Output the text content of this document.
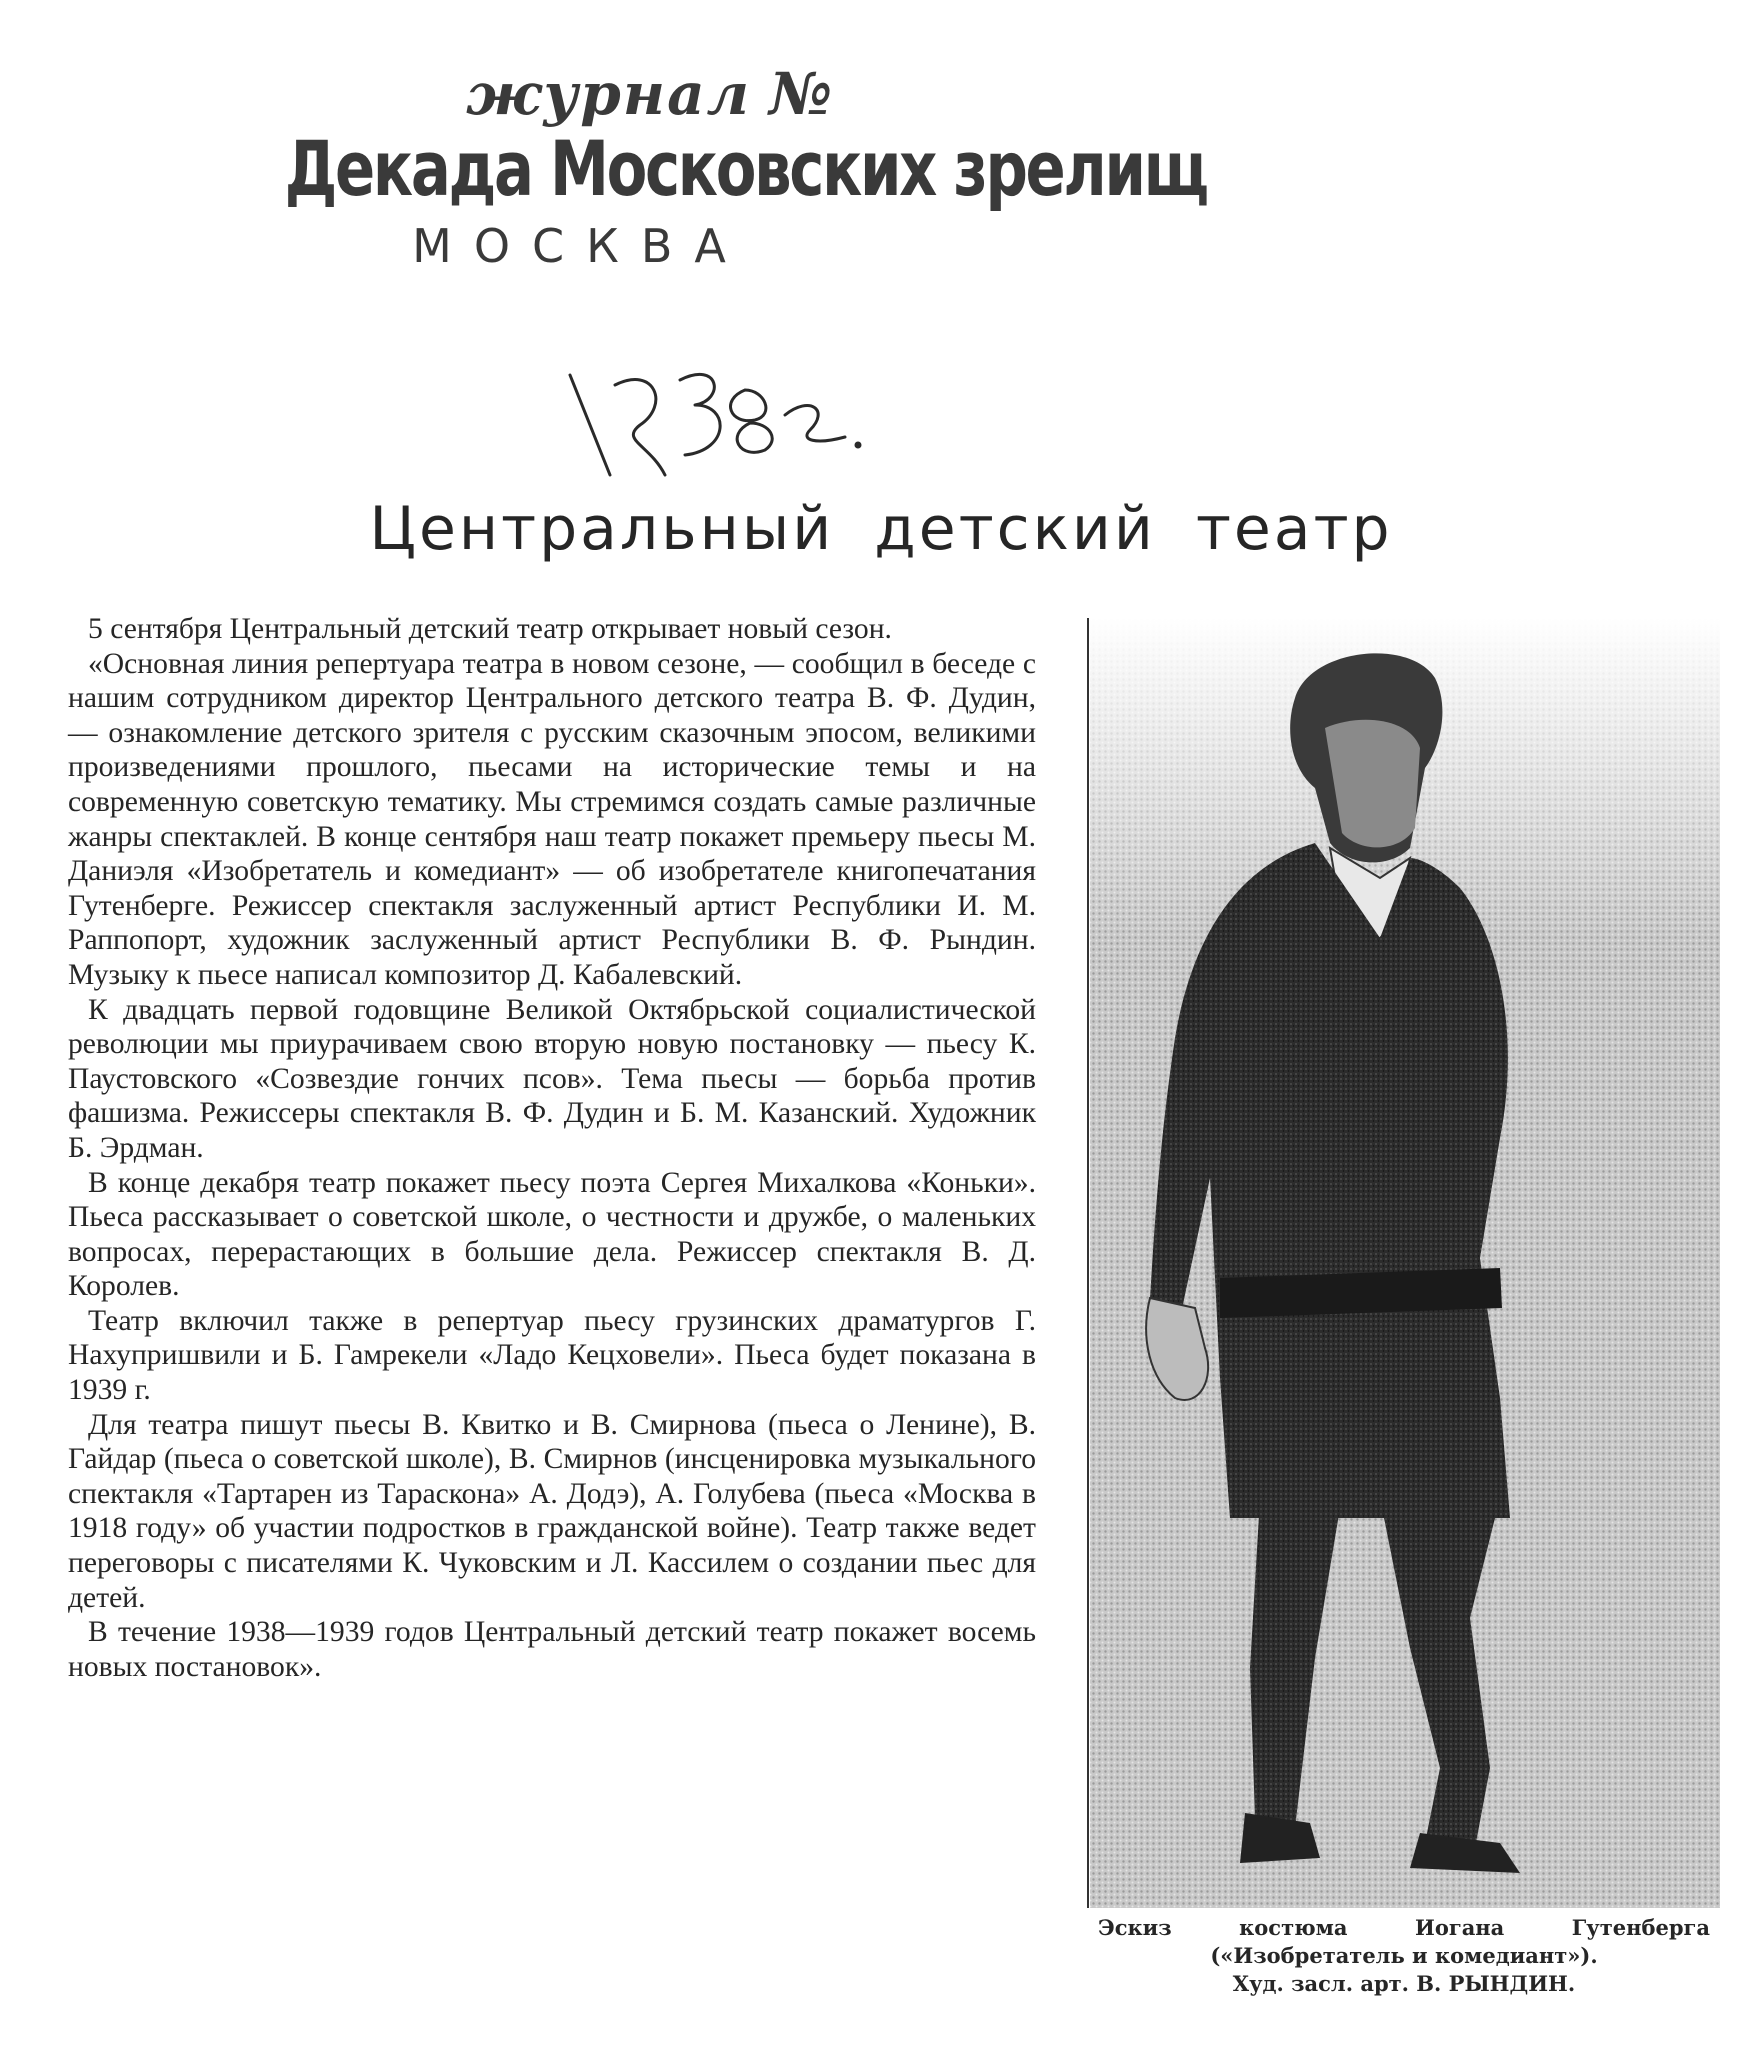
журнал №
Декада Московских зрелищ
МОСКВА
Центральный детский театр

5 сентября Центральный детский театр открывает новый сезон.

«Основная линия репертуара театра в новом сезоне, — сообщил в беседе с нашим сотрудником директор Центрального детского театра В. Ф. Дудин, — ознакомление детского зрителя с русским сказочным эпосом, великими произведениями прошлого, пьесами на исторические темы и на современную советскую тематику. Мы стремимся создать самые различные жанры спектаклей. В конце сентября наш театр покажет премьеру пьесы М. Даниэля «Изобретатель и комедиант» — об изобретателе книгопечатания Гутенберге. Режиссер спектакля заслуженный артист Республики И. М. Раппопорт, художник заслуженный артист Республики В. Ф. Рындин. Музыку к пьесе написал композитор Д. Кабалевский.

К двадцать первой годовщине Великой Октябрьской социалистической революции мы приурачиваем свою вторую новую постановку — пьесу К. Паустовского «Созвездие гончих псов». Тема пьесы — борьба против фашизма. Режиссеры спектакля В. Ф. Дудин и Б. М. Казанский. Художник Б. Эрдман.

В конце декабря театр покажет пьесу поэта Сергея Михалкова «Коньки». Пьеса рассказывает о советской школе, о честности и дружбе, о маленьких вопросах, перерастающих в большие дела. Режиссер спектакля В. Д. Королев.

Театр включил также в репертуар пьесу грузинских драматургов Г. Нахупришвили и Б. Гамрекели «Ладо Кецховели». Пьеса будет показана в 1939 г.

Для театра пишут пьесы В. Квитко и В. Смирнова (пьеса о Ленине), В. Гайдар (пьеса о советской школе), В. Смирнов (инсценировка музыкального спектакля «Тартарен из Тараскона» А. Додэ), А. Голубева (пьеса «Москва в 1918 году» об участии подростков в гражданской войне). Театр также ведет переговоры с писателями К. Чуковским и Л. Кассилем о создании пьес для детей.

В течение 1938—1939 годов Центральный детский театр покажет восемь новых постановок».

Эскиз костюма Иогана Гутенберга
(«Изобретатель и комедиант»).
Худ. засл. арт. В. РЫНДИН.
